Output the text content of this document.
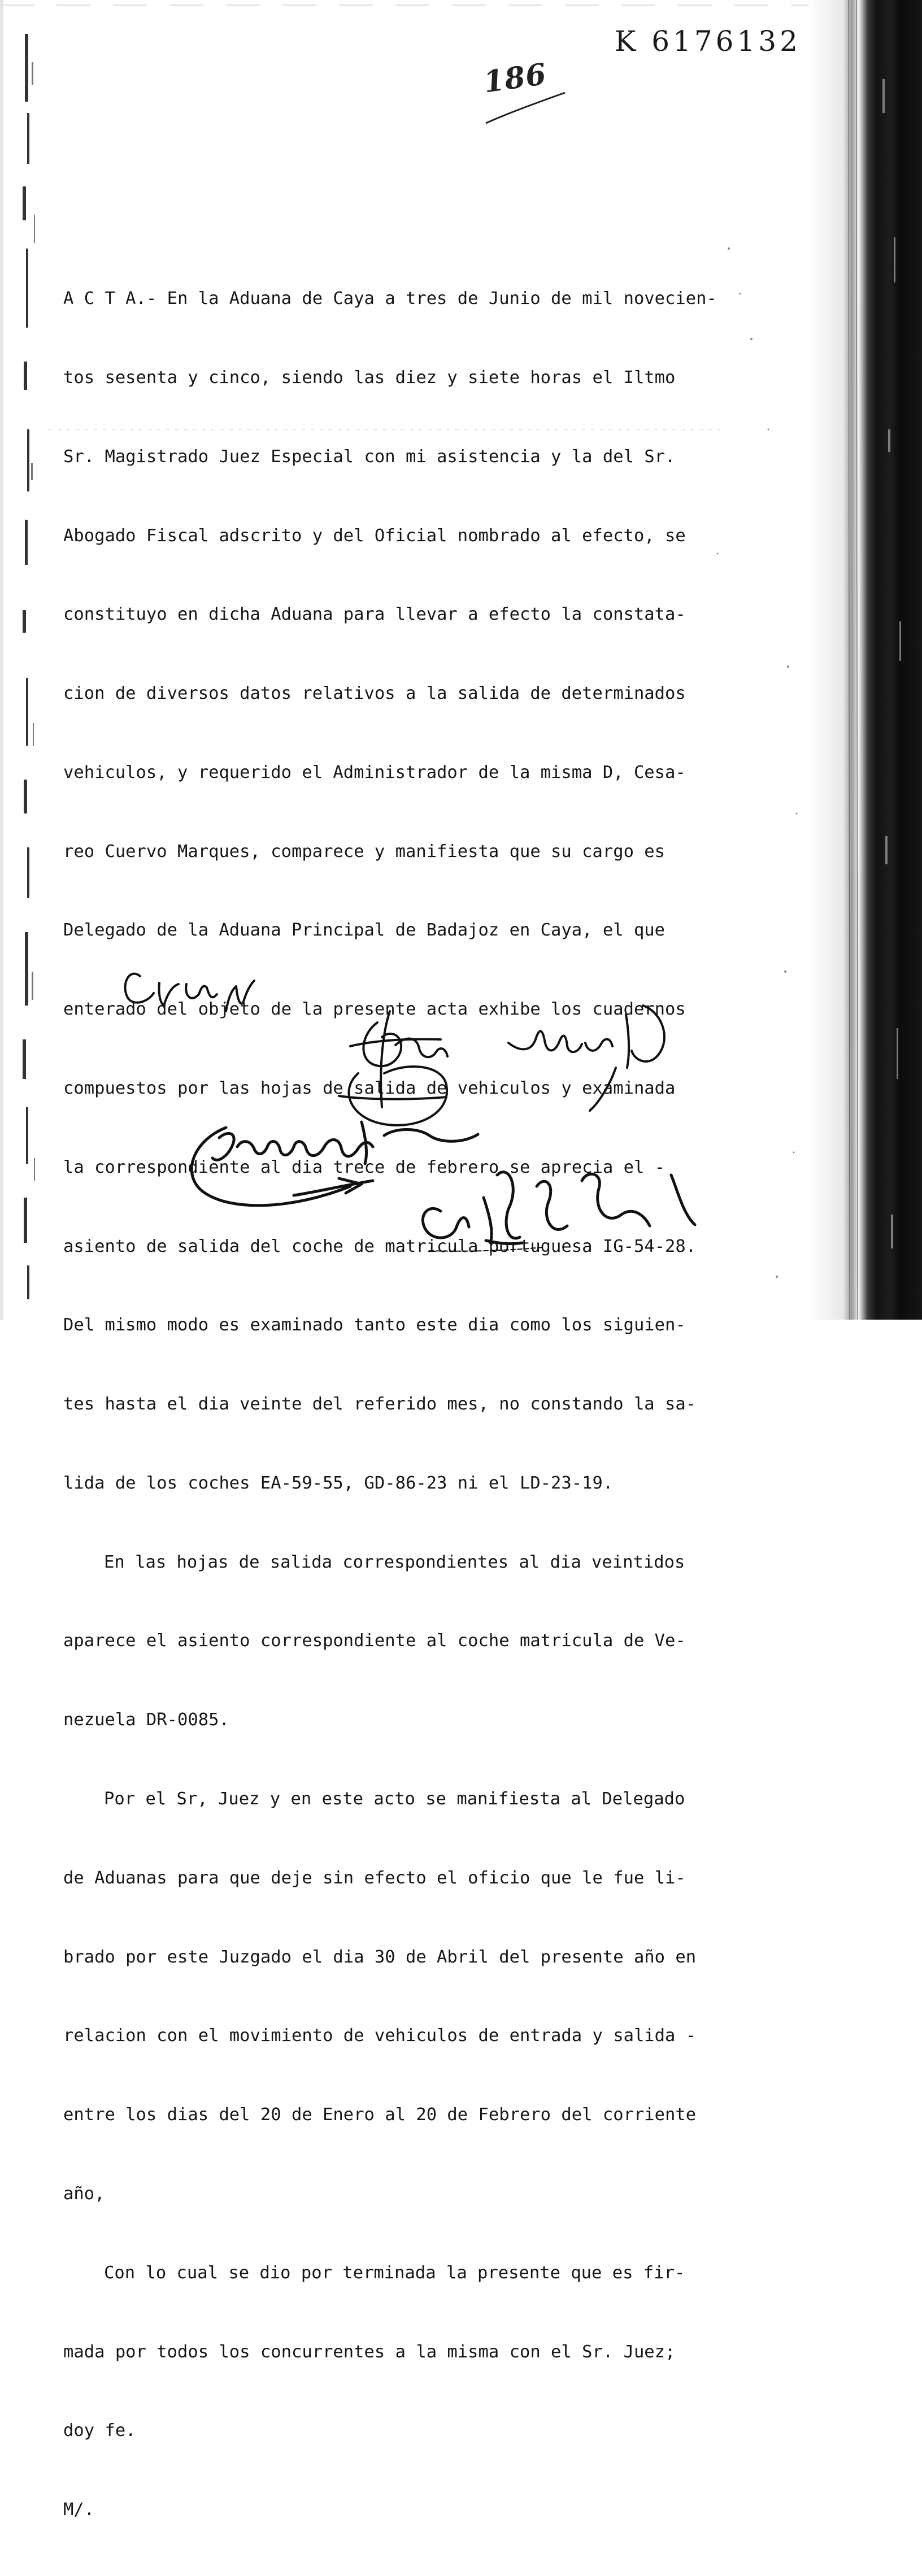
K 6176132
186

A C T A.- En la Aduana de Caya a tres de Junio de mil novecien-

tos sesenta y cinco, siendo las diez y siete horas el Iltmo

Sr. Magistrado Juez Especial con mi asistencia y la del Sr.

Abogado Fiscal adscrito y del Oficial nombrado al efecto, se

constituyo en dicha Aduana para llevar a efecto la constata-

cion de diversos datos relativos a la salida de determinados

vehiculos, y requerido el Administrador de la misma D, Cesa-

reo Cuervo Marques, comparece y manifiesta que su cargo es

Delegado de la Aduana Principal de Badajoz en Caya, el que

enterado del objeto de la presente acta exhibe los cuadernos

compuestos por las hojas de salida de vehiculos y examinada

la correspondiente al dia trece de febrero se aprecia el -

asiento de salida del coche de matricula portuguesa IG-54-28.

Del mismo modo es examinado tanto este dia como los siguien-

tes hasta el dia veinte del referido mes, no constando la sa-

lida de los coches EA-59-55, GD-86-23 ni el LD-23-19.

En las hojas de salida correspondientes al dia veintidos

aparece el asiento correspondiente al coche matricula de Ve-

nezuela DR-0085.

Por el Sr, Juez y en este acto se manifiesta al Delegado

de Aduanas para que deje sin efecto el oficio que le fue li-

brado por este Juzgado el dia 30 de Abril del presente año en

relacion con el movimiento de vehiculos de entrada y salida -

entre los dias del 20 de Enero al 20 de Febrero del corriente

año,

Con lo cual se dio por terminada la presente que es fir-

mada por todos los concurrentes a la misma con el Sr. Juez;

doy fe.

M/.
